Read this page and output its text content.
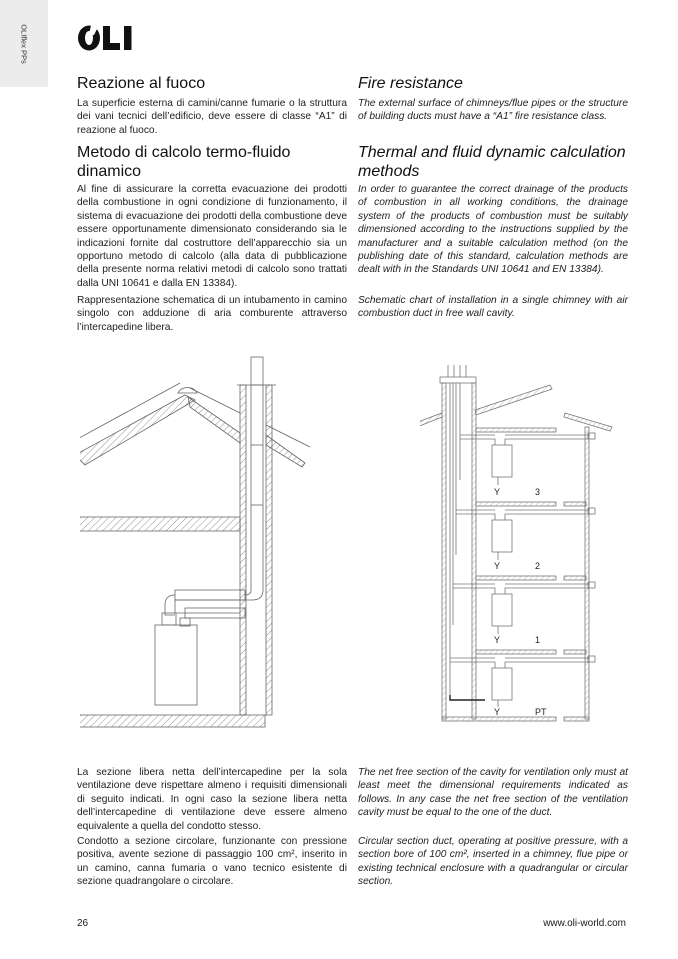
OLIflex PPs
Reazione al fuoco

La superficie esterna di camini/canne fumarie o la struttura dei vani tecnici dell’edificio, deve essere di classe “A1” di reazione al fuoco.

Metodo di calcolo termo-fluido dinamico

Al fine di assicurare la corretta evacuazione dei prodotti della combustione in ogni condizione di funzionamento, il sistema di evacuazione dei prodotti della combustione deve essere opportunamente dimensionato considerando sia le indicazioni fornite dal costruttore dell’apparecchio sia un opportuno metodo di calcolo (alla data di pubblicazione della presente norma relativi metodi di calcolo sono trattati dalla UNI 10641 e dalla EN 13384).

Rappresentazione schematica di un intubamento in camino singolo con adduzione di aria comburente attraverso l’intercapedine libera.

La sezione libera netta dell’intercapedine per la sola ventilazione deve rispettare almeno i requisiti dimensionali di seguito indicati. In ogni caso la sezione libera netta dell’intercapedine di ventilazione deve essere almeno equivalente a quella del condotto stesso.

Condotto a sezione circolare, funzionante con pressione positiva, avente sezione di passaggio 100 cm², inserito in un camino, canna fumaria o vano tecnico esistente di sezione quadrangolare o circolare.

Fire resistance

The external surface of chimneys/flue pipes or the structure of building ducts must have a “A1” fire resistance class.

Thermal and fluid dynamic calculation methods

In order to guarantee the correct drainage of the products of combustion in all working conditions, the drainage system of the products of combustion must be suitably dimensioned according to the instructions supplied by the manufacturer and a suitable calculation method (on the publishing date of this standard, calculation methods are dealt with in the Standards UNI 10641 and EN 13384).

Schematic chart of installation in a single chimney with air combustion duct in free wall cavity.

The net free section of the cavity for ventilation only must at least meet the dimensional requirements indicated as follows. In any case the net free section of the ventilation cavity must be equal to the one of the duct.

Circular section duct, operating at positive pressure, with a section bore of 100 cm², inserted in a chimney, flue pipe or existing technical enclosure with a quadrangular or circular section.

Y	3
Y	2
Y	1
Y	PT
26	www.oli-world.com
